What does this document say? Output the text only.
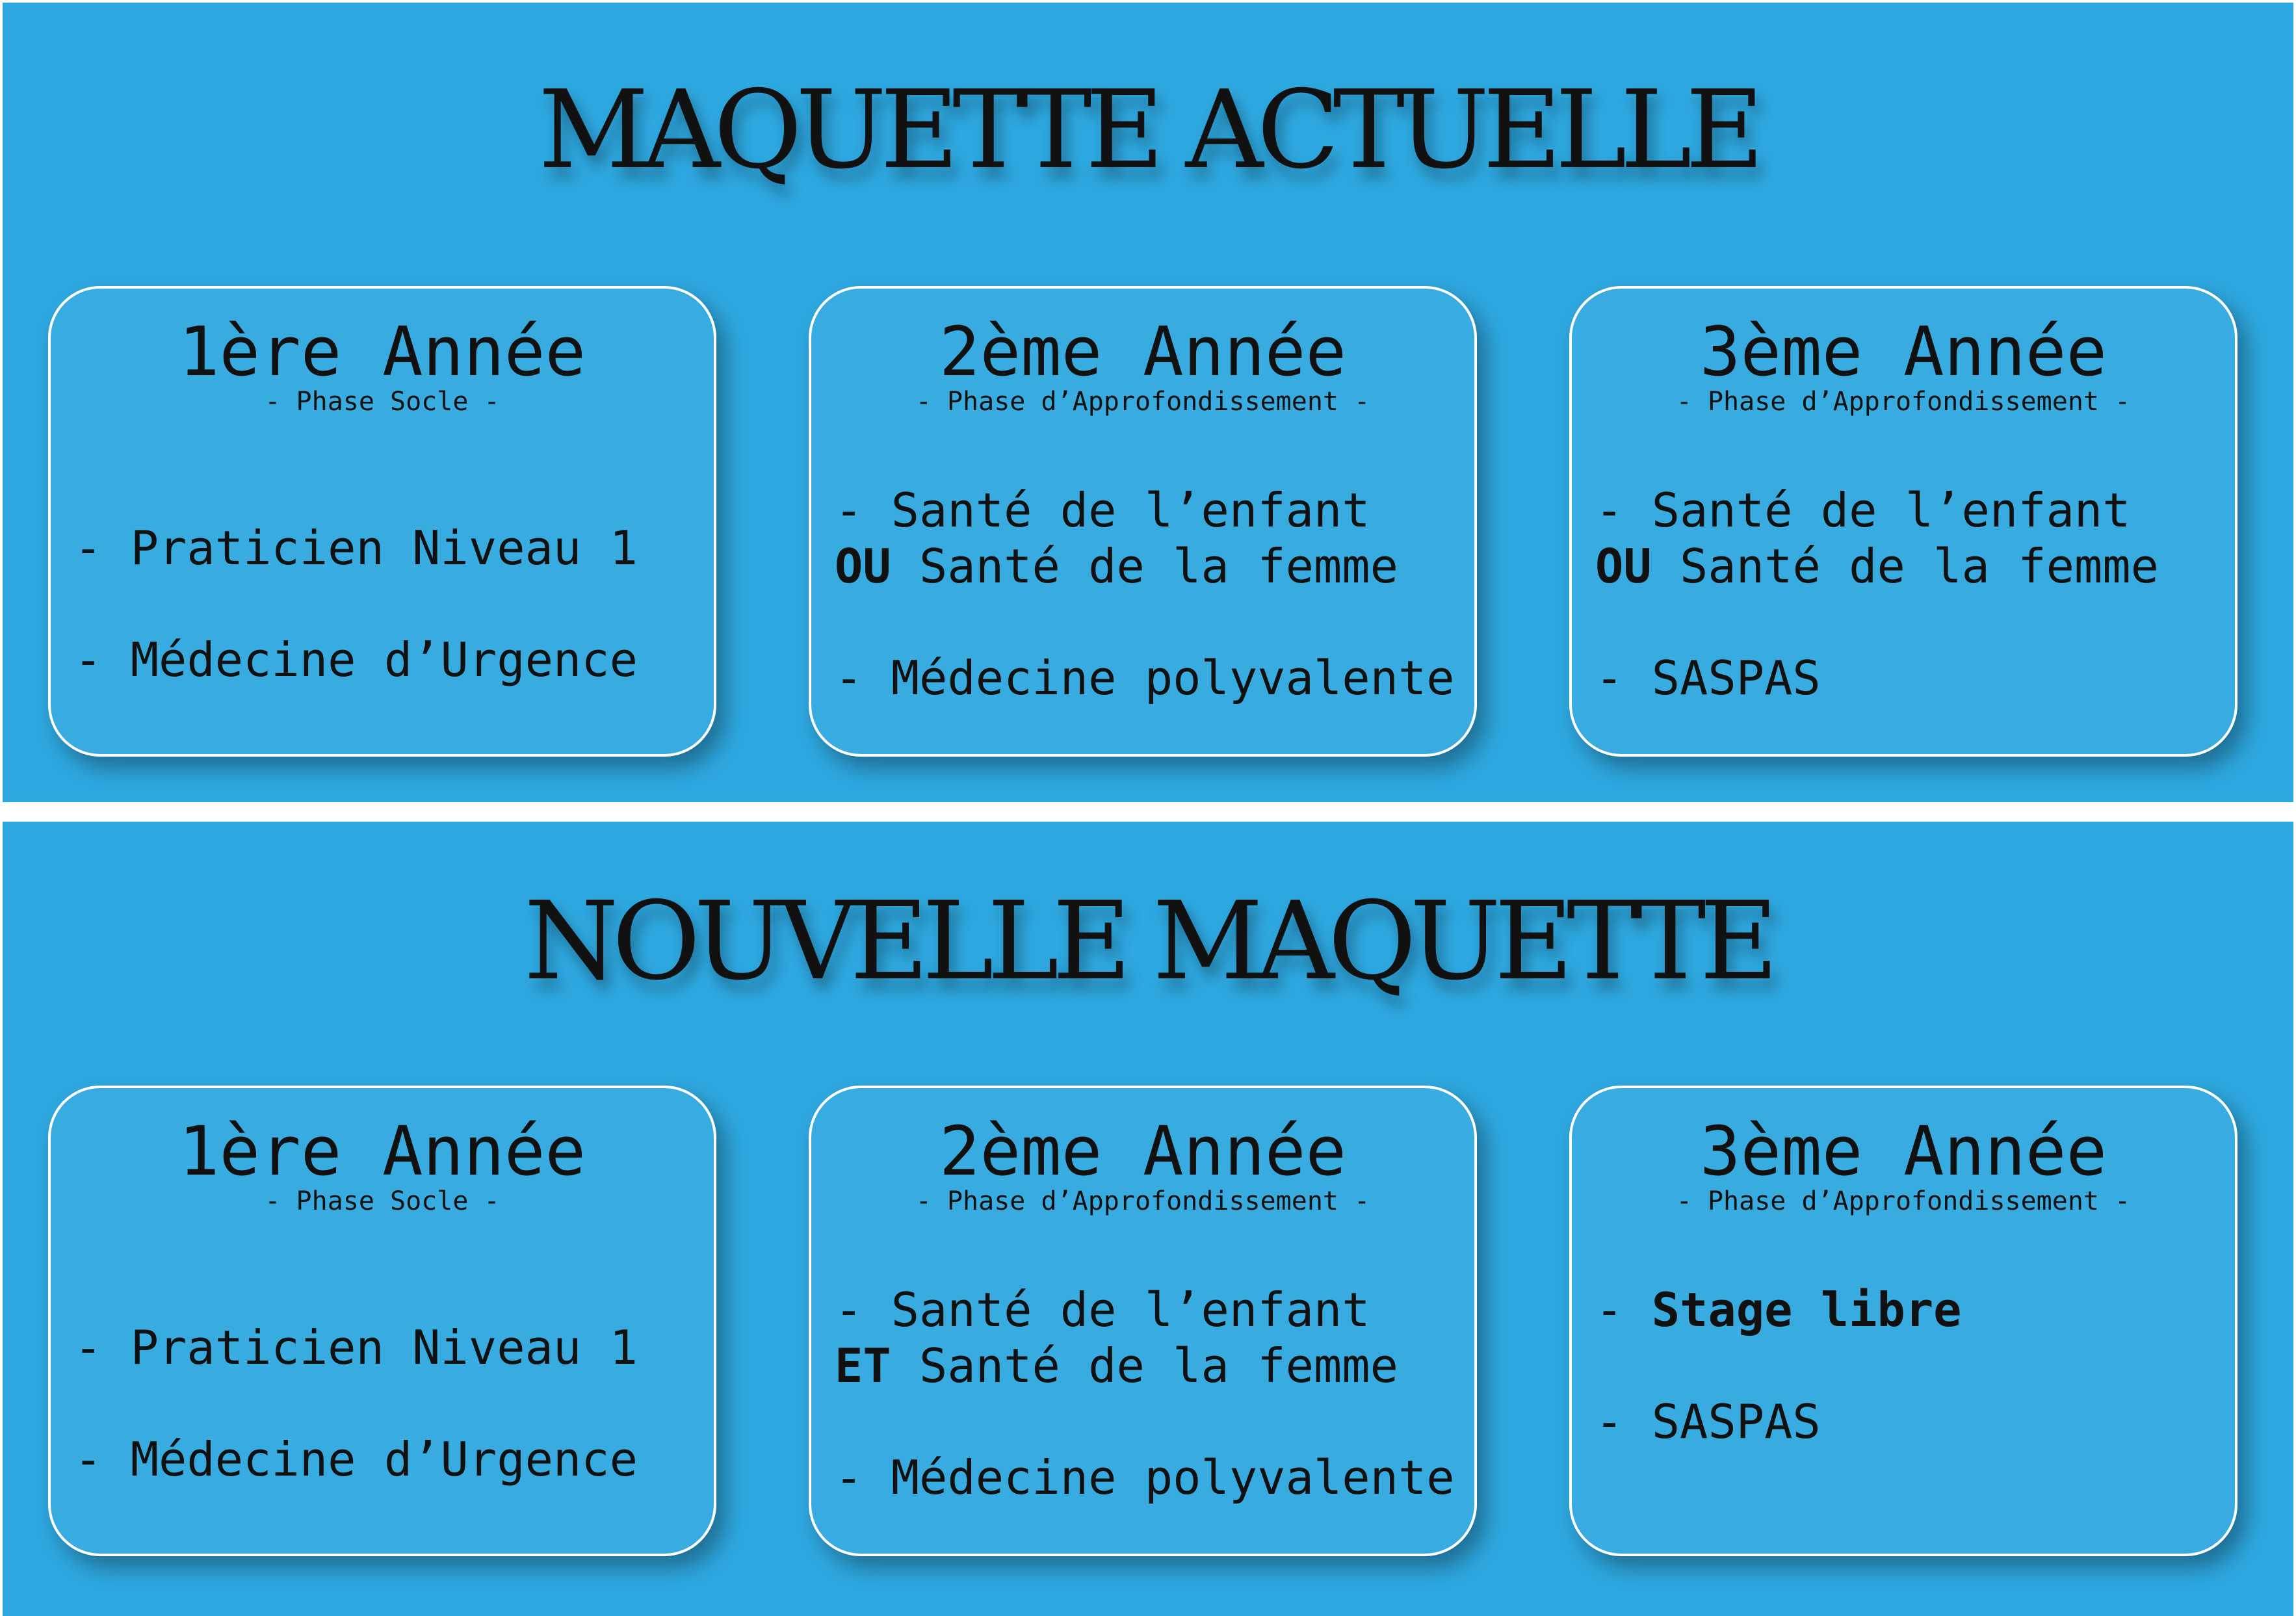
MAQUETTE ACTUELLE
1ère Année
- Phase Socle -
- Praticien Niveau 1
- Médecine d’Urgence
2ème Année
- Phase d’Approfondissement -
- Santé de l’enfant
OU Santé de la femme
- Médecine polyvalente
3ème Année
- Phase d’Approfondissement -
- Santé de l’enfant
OU Santé de la femme
- SASPAS
NOUVELLE MAQUETTE
1ère Année
- Phase Socle -
- Praticien Niveau 1
- Médecine d’Urgence
2ème Année
- Phase d’Approfondissement -
- Santé de l’enfant
ET Santé de la femme
- Médecine polyvalente
3ème Année
- Phase d’Approfondissement -
- Stage libre
- SASPAS
